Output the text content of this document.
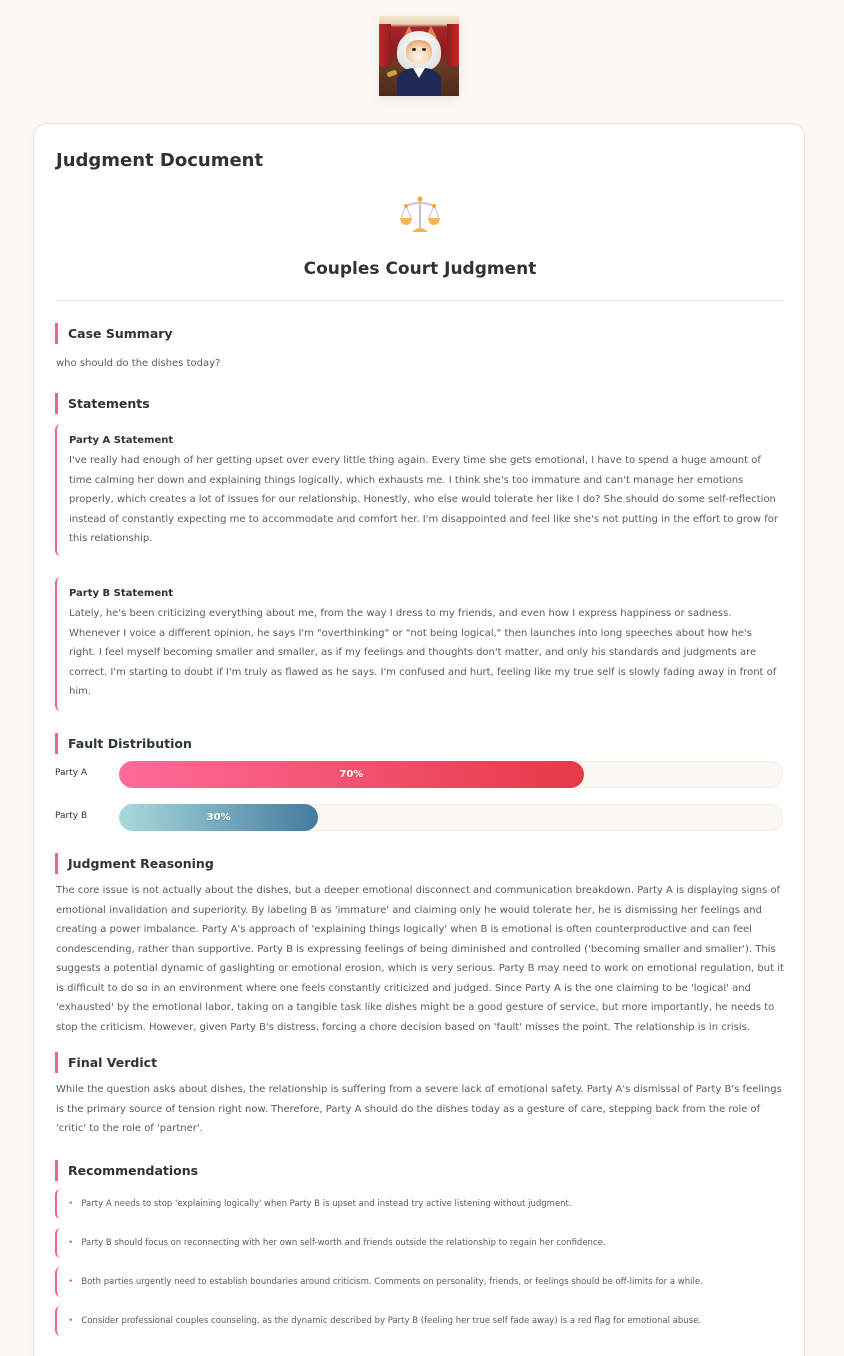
Judgment Document
Couples Court Judgment
Case Summary
who should do the dishes today?
Statements
Party A Statement
I've really had enough of her getting upset over every little thing again. Every time she gets emotional, I have to spend a huge amount of time calming her down and explaining things logically, which exhausts me. I think she's too immature and can't manage her emotions properly, which creates a lot of issues for our relationship. Honestly, who else would tolerate her like I do? She should do some self-reflection instead of constantly expecting me to accommodate and comfort her. I'm disappointed and feel like she's not putting in the effort to grow for this relationship.
Party B Statement
Lately, he's been criticizing everything about me, from the way I dress to my friends, and even how I express happiness or sadness. Whenever I voice a different opinion, he says I'm "overthinking" or "not being logical," then launches into long speeches about how he's right. I feel myself becoming smaller and smaller, as if my feelings and thoughts don't matter, and only his standards and judgments are correct. I'm starting to doubt if I'm truly as flawed as he says. I'm confused and hurt, feeling like my true self is slowly fading away in front of him.
Fault Distribution
Party A	70%
Party B	30%
Judgment Reasoning
The core issue is not actually about the dishes, but a deeper emotional disconnect and communication breakdown. Party A is displaying signs of emotional invalidation and superiority. By labeling B as 'immature' and claiming only he would tolerate her, he is dismissing her feelings and creating a power imbalance. Party A's approach of 'explaining things logically' when B is emotional is often counterproductive and can feel condescending, rather than supportive. Party B is expressing feelings of being diminished and controlled ('becoming smaller and smaller'). This suggests a potential dynamic of gaslighting or emotional erosion, which is very serious. Party B may need to work on emotional regulation, but it is difficult to do so in an environment where one feels constantly criticized and judged. Since Party A is the one claiming to be 'logical' and 'exhausted' by the emotional labor, taking on a tangible task like dishes might be a good gesture of service, but more importantly, he needs to stop the criticism. However, given Party B's distress, forcing a chore decision based on 'fault' misses the point. The relationship is in crisis.
Final Verdict
While the question asks about dishes, the relationship is suffering from a severe lack of emotional safety. Party A's dismissal of Party B's feelings is the primary source of tension right now. Therefore, Party A should do the dishes today as a gesture of care, stepping back from the role of 'critic' to the role of 'partner'.
Recommendations
• Party A needs to stop 'explaining logically' when Party B is upset and instead try active listening without judgment.
• Party B should focus on reconnecting with her own self-worth and friends outside the relationship to regain her confidence.
• Both parties urgently need to establish boundaries around criticism. Comments on personality, friends, or feelings should be off-limits for a while.
• Consider professional couples counseling, as the dynamic described by Party B (feeling her true self fade away) is a red flag for emotional abuse.
